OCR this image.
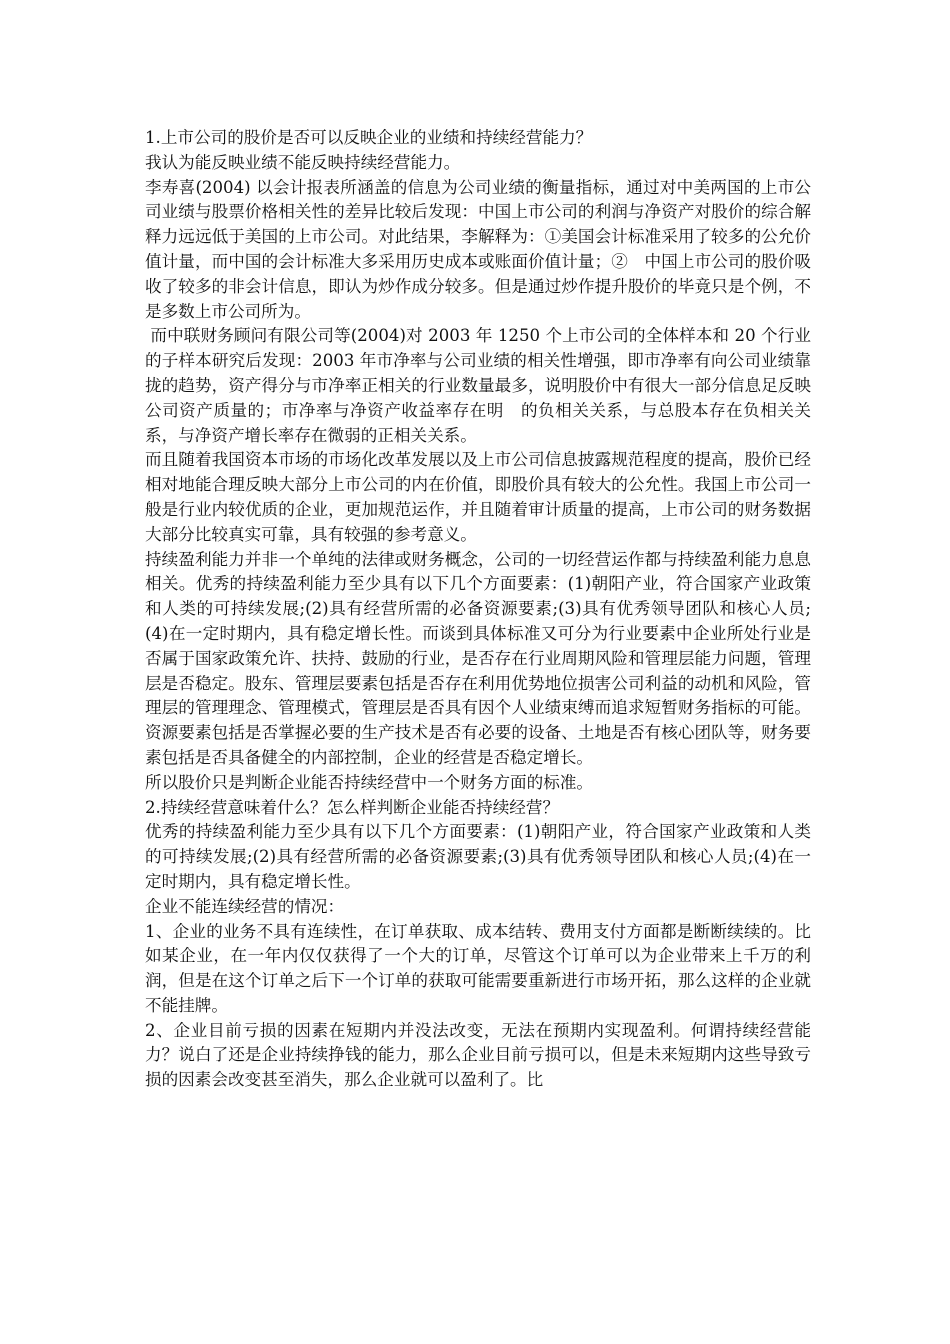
1.上市公司的股价是否可以反映企业的业绩和持续经营能力？

我认为能反映业绩不能反映持续经营能力。

李寿喜(2004) 以会计报表所涵盖的信息为公司业绩的衡量指标，通过对中美两国的上市公司业绩与股票价格相关性的差异比较后发现：中国上市公司的利润与净资产对股价的综合解释力远远低于美国的上市公司。对此结果，李解释为：①美国会计标准采用了较多的公允价值计量，而中国的会计标准大多采用历史成本或账面价值计量；②　中国上市公司的股价吸收了较多的非会计信息，即认为炒作成分较多。但是通过炒作提升股价的毕竟只是个例，不是多数上市公司所为。

而中联财务顾问有限公司等(2004)对 2003 年 1250 个上市公司的全体样本和 20 个行业的子样本研究后发现：2003 年市净率与公司业绩的相关性增强，即市净率有向公司业绩靠拢的趋势，资产得分与市净率正相关的行业数量最多，说明股价中有很大一部分信息足反映公司资产质量的；市净率与净资产收益率存在明　的负相关关系，与总股本存在负相关关系，与净资产增长率存在微弱的正相关关系。

而且随着我国资本市场的市场化改革发展以及上市公司信息披露规范程度的提高，股价已经相对地能合理反映大部分上市公司的内在价值，即股价具有较大的公允性。我国上市公司一般是行业内较优质的企业，更加规范运作，并且随着审计质量的提高，上市公司的财务数据大部分比较真实可靠，具有较强的参考意义。

持续盈利能力并非一个单纯的法律或财务概念，公司的一切经营运作都与持续盈利能力息息相关。优秀的持续盈利能力至少具有以下几个方面要素：(1)朝阳产业，符合国家产业政策和人类的可持续发展;(2)具有经营所需的必备资源要素;(3)具有优秀领导团队和核心人员;(4)在一定时期内，具有稳定增长性。而谈到具体标准又可分为行业要素中企业所处行业是否属于国家政策允许、扶持、鼓励的行业，是否存在行业周期风险和管理层能力问题，管理层是否稳定。股东、管理层要素包括是否存在利用优势地位损害公司利益的动机和风险，管理层的管理理念、管理模式，管理层是否具有因个人业绩束缚而追求短暂财务指标的可能。资源要素包括是否掌握必要的生产技术是否有必要的设备、土地是否有核心团队等，财务要素包括是否具备健全的内部控制，企业的经营是否稳定增长。

所以股价只是判断企业能否持续经营中一个财务方面的标准。

2.持续经营意味着什么？怎么样判断企业能否持续经营？

优秀的持续盈利能力至少具有以下几个方面要素：(1)朝阳产业，符合国家产业政策和人类的可持续发展;(2)具有经营所需的必备资源要素;(3)具有优秀领导团队和核心人员;(4)在一定时期内，具有稳定增长性。

企业不能连续经营的情况：

1、企业的业务不具有连续性，在订单获取、成本结转、费用支付方面都是断断续续的。比如某企业，在一年内仅仅获得了一个大的订单，尽管这个订单可以为企业带来上千万的利润，但是在这个订单之后下一个订单的获取可能需要重新进行市场开拓，那么这样的企业就不能挂牌。

2、企业目前亏损的因素在短期内并没法改变，无法在预期内实现盈利。何谓持续经营能力？说白了还是企业持续挣钱的能力，那么企业目前亏损可以，但是未来短期内这些导致亏损的因素会改变甚至消失，那么企业就可以盈利了。比
